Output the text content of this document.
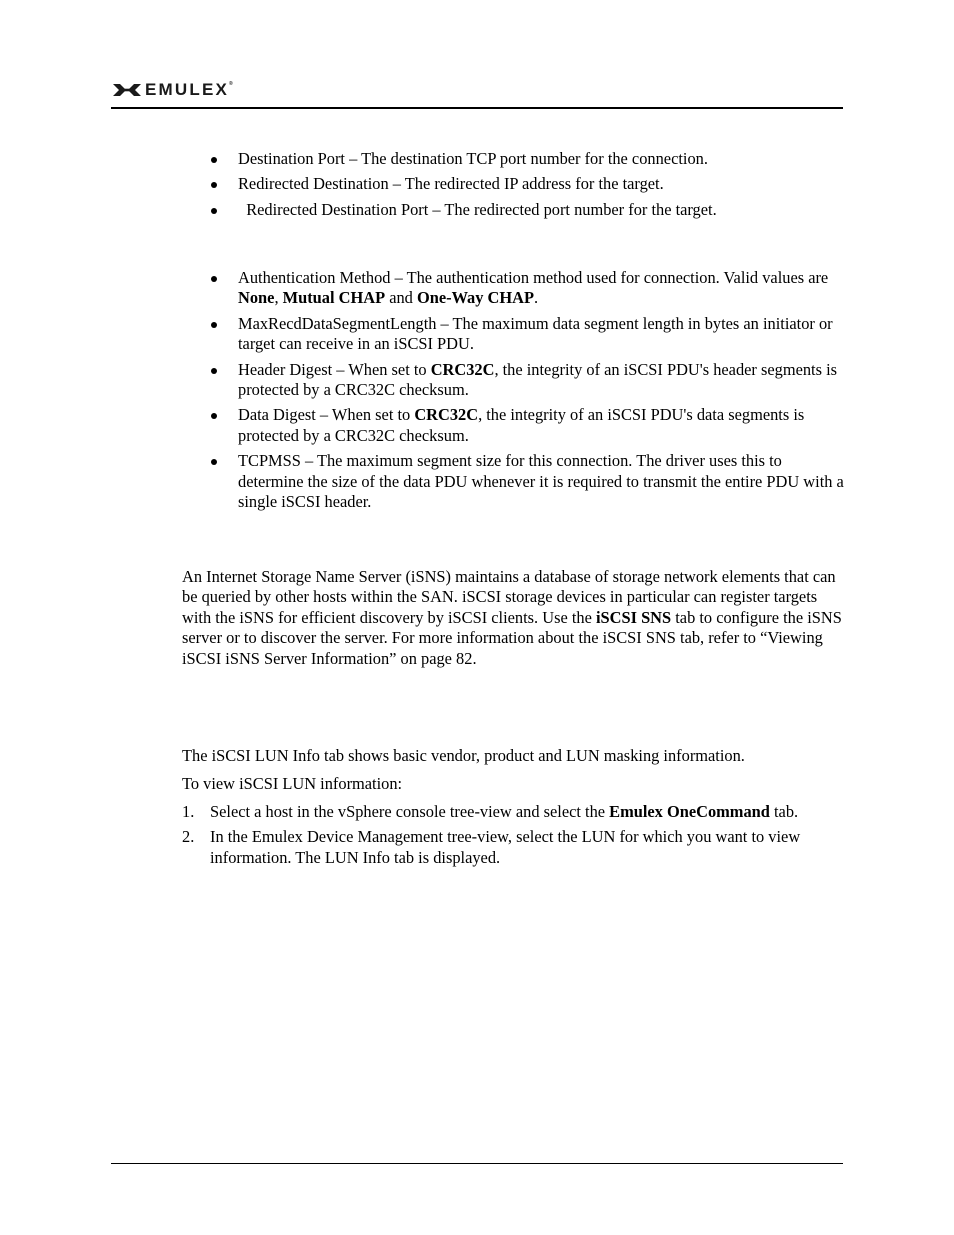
EMULEX®
Destination Port – The destination TCP port number for the connection.
Redirected Destination – The redirected IP address for the target.
Redirected Destination Port – The redirected port number for the target.
Authentication Method – The authentication method used for connection. Valid values are None, Mutual CHAP and One-Way CHAP.
MaxRecdDataSegmentLength – The maximum data segment length in bytes an initiator or target can receive in an iSCSI PDU.
Header Digest – When set to CRC32C, the integrity of an iSCSI PDU's header segments is protected by a CRC32C checksum.
Data Digest – When set to CRC32C, the integrity of an iSCSI PDU's data segments is protected by a CRC32C checksum.
TCPMSS – The maximum segment size for this connection. The driver uses this to determine the size of the data PDU whenever it is required to transmit the entire PDU with a single iSCSI header.

An Internet Storage Name Server (iSNS) maintains a database of storage network elements that can be queried by other hosts within the SAN. iSCSI storage devices in particular can register targets with the iSNS for efficient discovery by iSCSI clients. Use the iSCSI SNS tab to configure the iSNS server or to discover the server. For more information about the iSCSI SNS tab, refer to “Viewing iSCSI iSNS Server Information” on page 82.

The iSCSI LUN Info tab shows basic vendor, product and LUN masking information.

To view iSCSI LUN information:

1. Select a host in the vSphere console tree-view and select the Emulex OneCommand tab.
2. In the Emulex Device Management tree-view, select the LUN for which you want to view information. The LUN Info tab is displayed.
